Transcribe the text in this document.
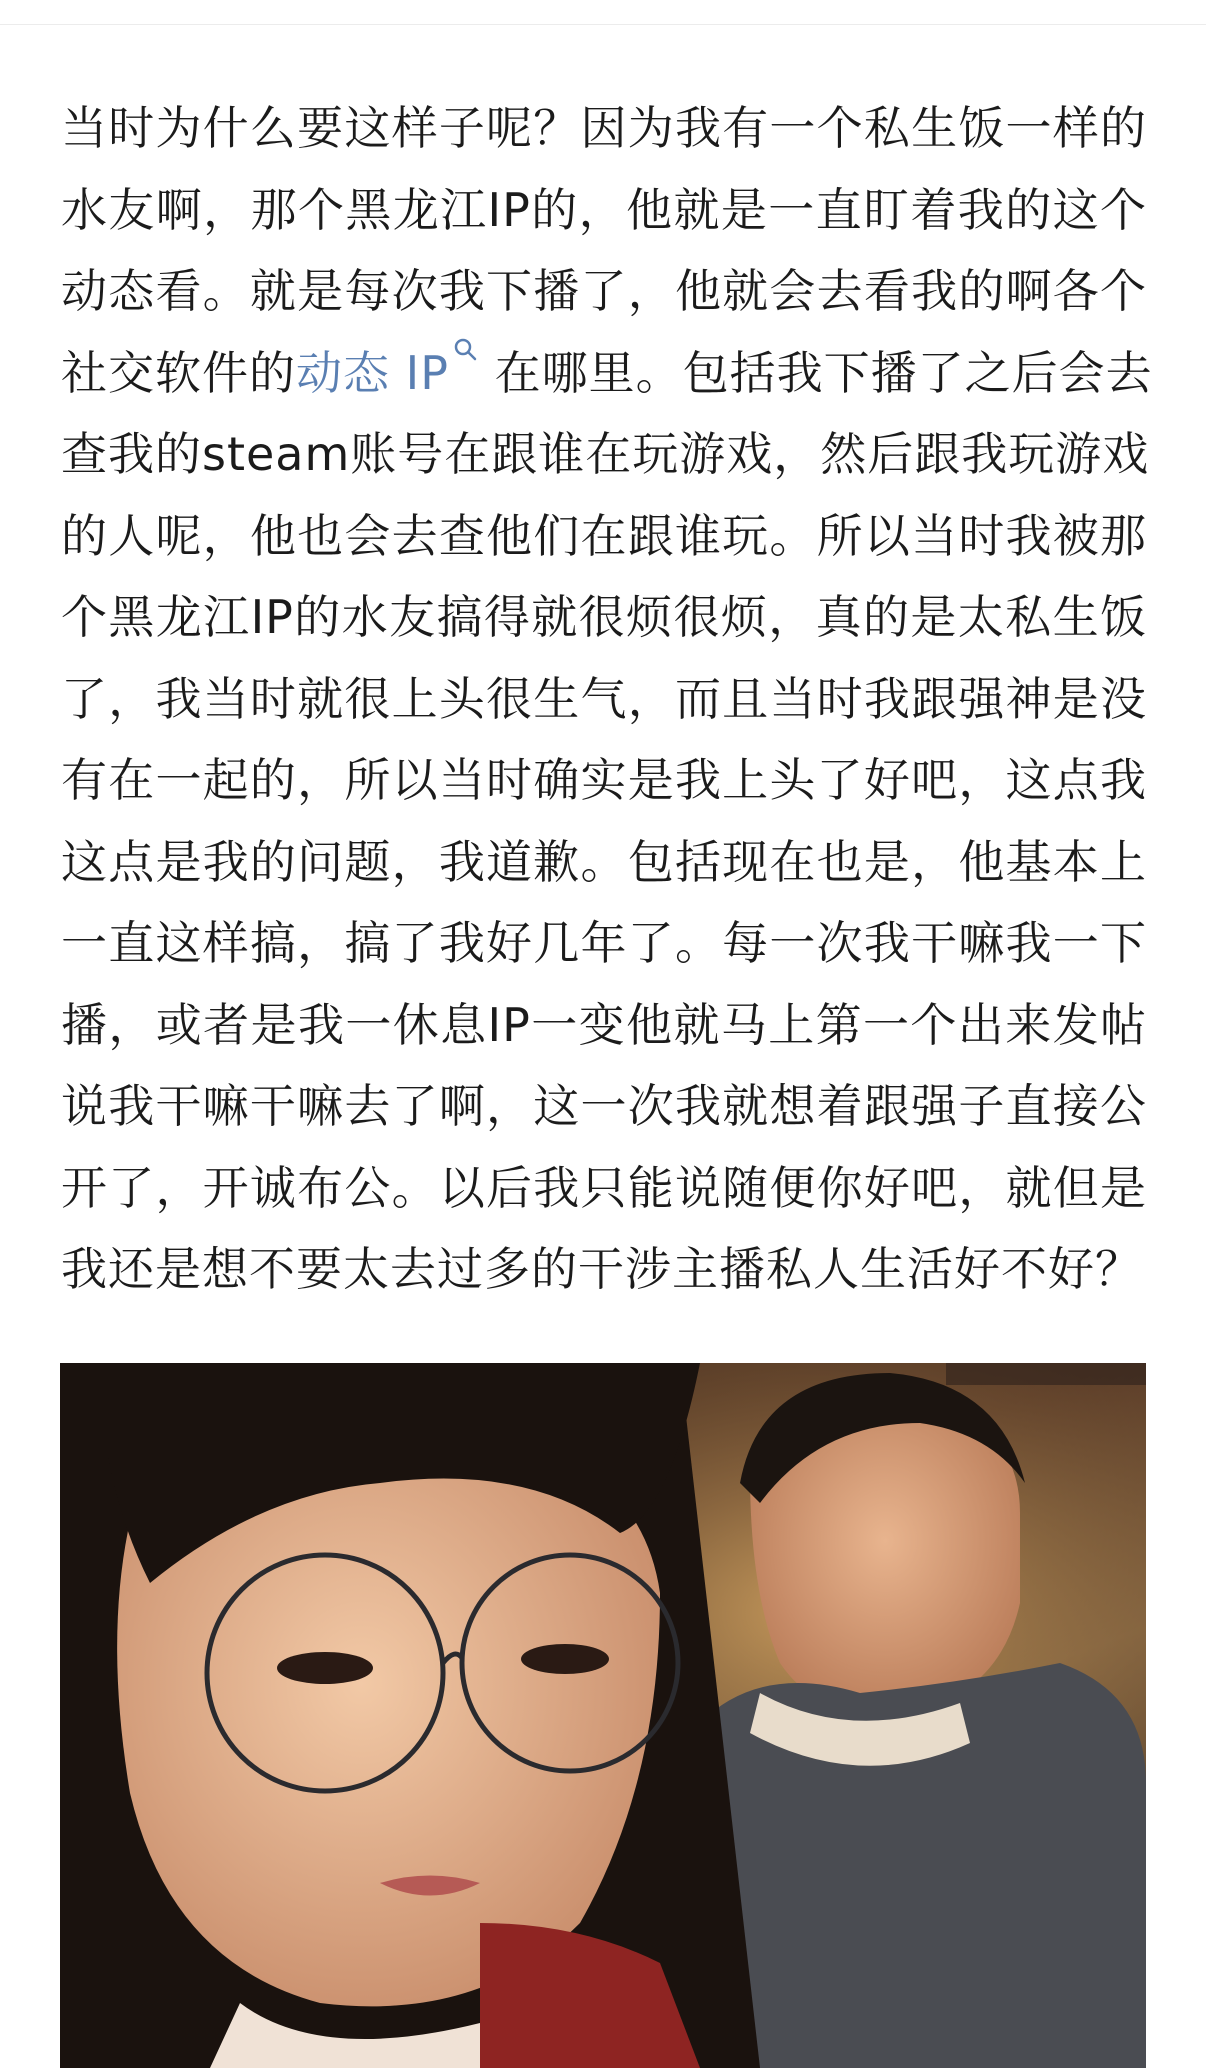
当时为什么要这样子呢？因为我有一个私生饭一样的
水友啊，那个黑龙江IP的，他就是一直盯着我的这个
动态看。就是每次我下播了，他就会去看我的啊各个
社交软件的动态 IP 在哪里。包括我下播了之后会去
查我的steam账号在跟谁在玩游戏，然后跟我玩游戏
的人呢，他也会去查他们在跟谁玩。所以当时我被那
个黑龙江IP的水友搞得就很烦很烦，真的是太私生饭
了，我当时就很上头很生气，而且当时我跟强神是没
有在一起的，所以当时确实是我上头了好吧，这点我
这点是我的问题，我道歉。包括现在也是，他基本上
一直这样搞，搞了我好几年了。每一次我干嘛我一下
播，或者是我一休息IP一变他就马上第一个出来发帖
说我干嘛干嘛去了啊，这一次我就想着跟强子直接公
开了，开诚布公。以后我只能说随便你好吧，就但是
我还是想不要太去过多的干涉主播私人生活好不好？
